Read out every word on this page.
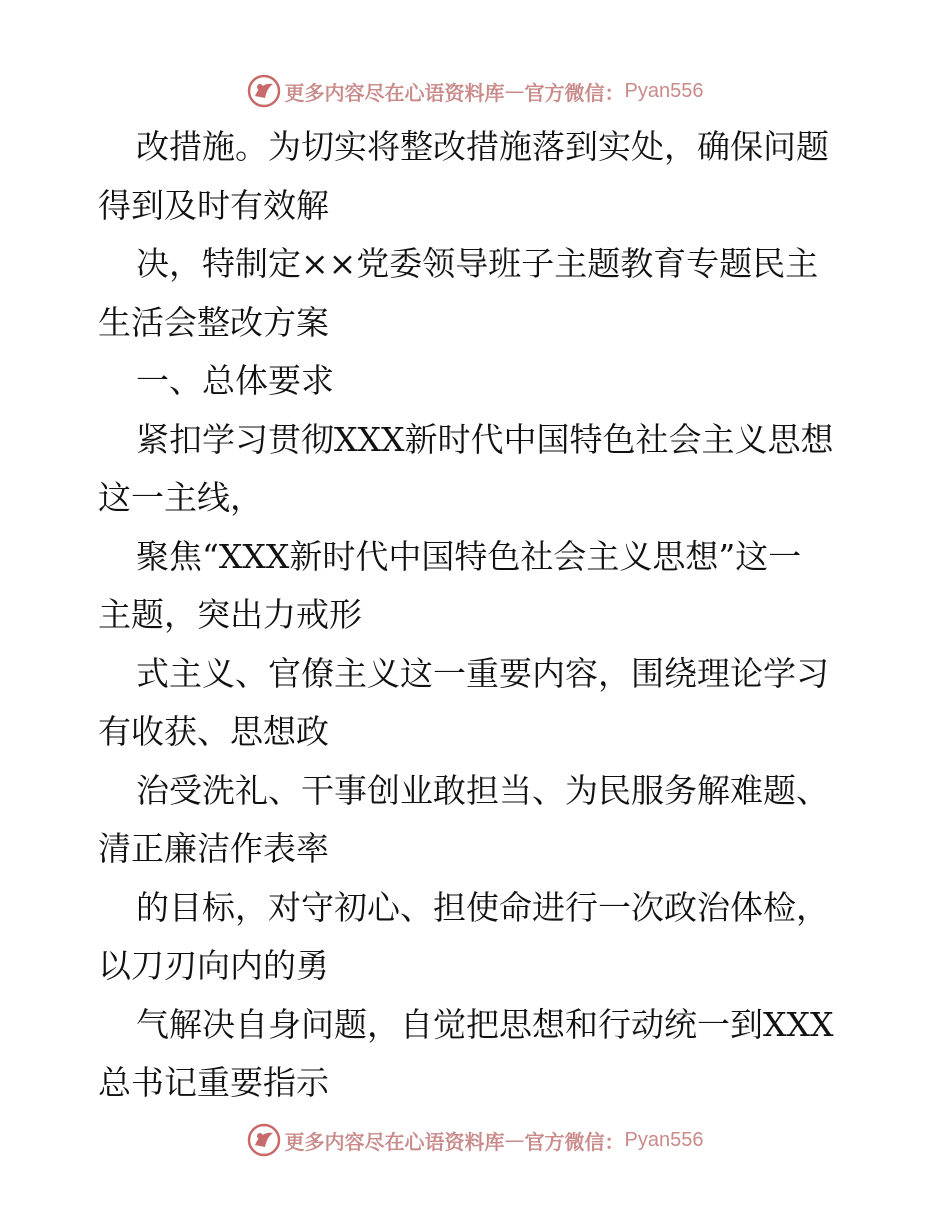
更多内容尽在心语资料库 — 官方微信： Pyan556
改措施。为切实将整改措施落到实处，确保问题
得到及时有效解
决，特制定××党委领导班子主题教育专题民主
生活会整改方案
一、总体要求
紧扣学习贯彻XXX新时代中国特色社会主义思想
这一主线，
聚焦“XXX新时代中国特色社会主义思想”这一
主题，突出力戒形
式主义、官僚主义这一重要内容，围绕理论学习
有收获、思想政
治受洗礼、干事创业敢担当、为民服务解难题、
清正廉洁作表率
的目标，对守初心、担使命进行一次政治体检，
以刀刃向内的勇
气解决自身问题，自觉把思想和行动统一到XXX
总书记重要指示
更多内容尽在心语资料库 — 官方微信： Pyan556
